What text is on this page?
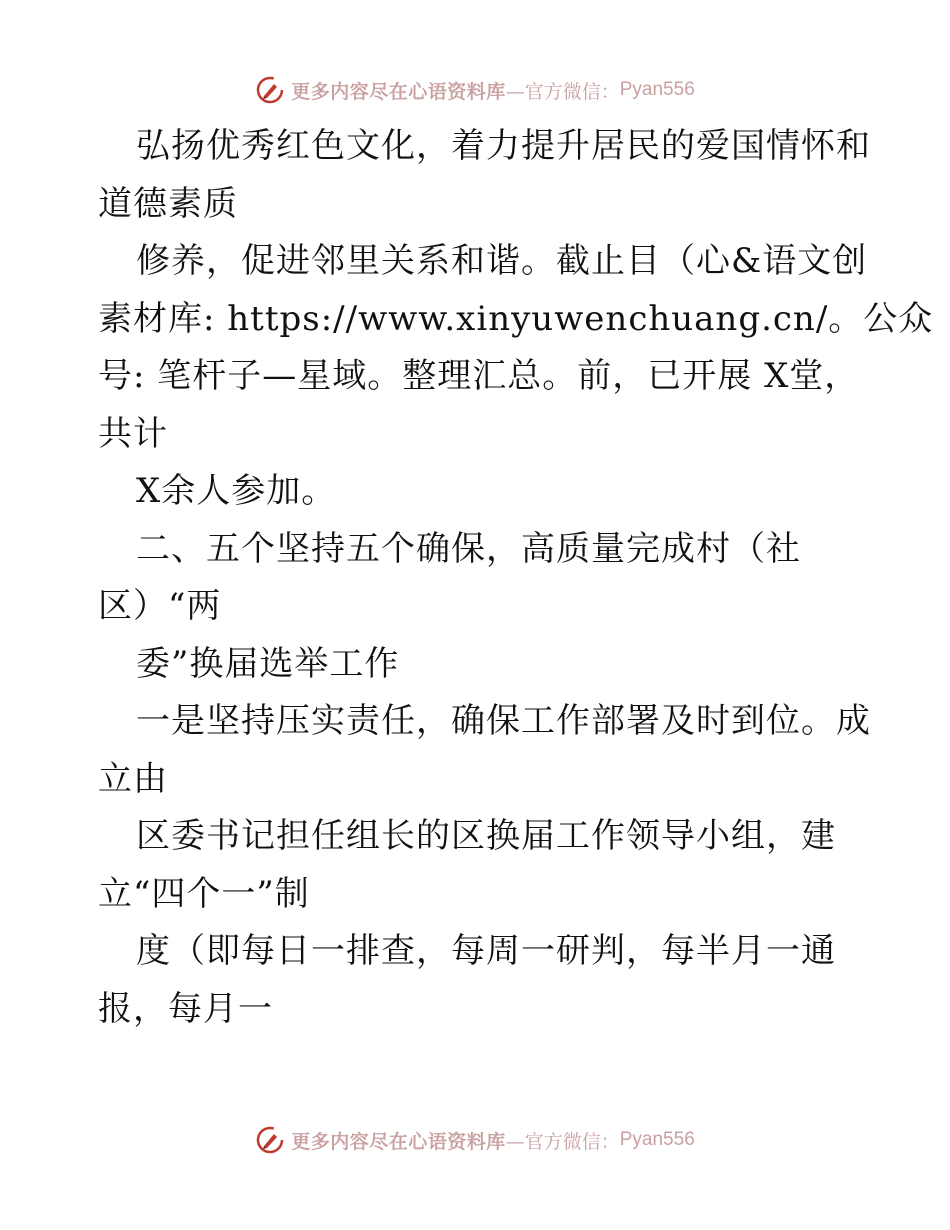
更多内容尽在心语资料库 —官方微信： Pyan556
弘扬优秀红色文化，着力提升居民的爱国情怀和
道德素质
修养，促进邻里关系和谐。截止目（心&语文创
素材库: https://www.xinyuwenchuang.cn/。公众
号: 笔杆子—星域。整理汇总。前，已开展 X堂，
共计
X余人参加。
二、五个坚持五个确保，高质量完成村（社
区）“两
委”换届选举工作
一是坚持压实责任，确保工作部署及时到位。成
立由
区委书记担任组长的区换届工作领导小组，建
立“四个一”制
度（即每日一排查，每周一研判，每半月一通
报，每月一
更多内容尽在心语资料库 —官方微信： Pyan556
